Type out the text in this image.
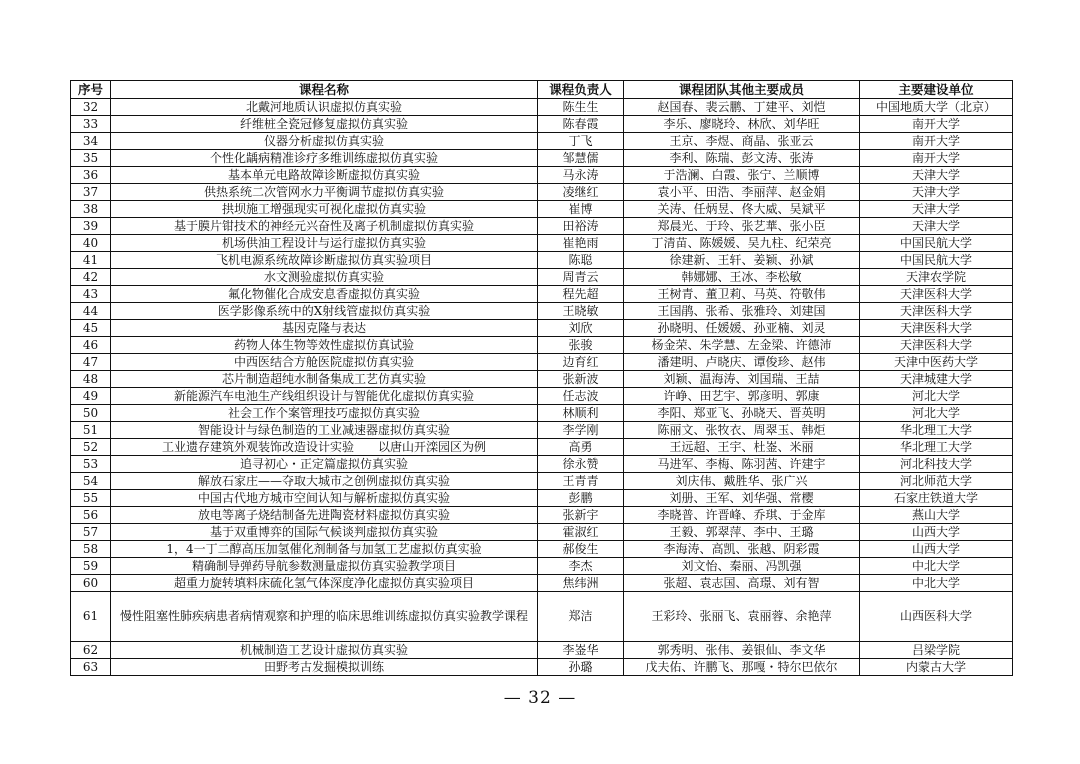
序号	课程名称	课程负责人	课程团队其他主要成员	主要建设单位
32	北戴河地质认识虚拟仿真实验	陈生生	赵国春、裴云鹏、丁建平、刘恺	中国地质大学（北京）
33	纤维桩全瓷冠修复虚拟仿真实验	陈春霞	李乐、廖晓玲、林欣、刘华旺	南开大学
34	仪器分析虚拟仿真实验	丁飞	王京、李煜、商晶、张亚云	南开大学
35	个性化龋病精准诊疗多维训练虚拟仿真实验	邹慧儒	李利、陈瑞、彭文涛、张涛	南开大学
36	基本单元电路故障诊断虚拟仿真实验	马永涛	于浩澜、白霞、张宁、兰顺博	天津大学
37	供热系统二次管网水力平衡调节虚拟仿真实验	凌继红	袁小平、田浩、李丽萍、赵金娟	天津大学
38	拱坝施工增强现实可视化虚拟仿真实验	崔博	关涛、任炳昱、佟大威、吴斌平	天津大学
39	基于膜片钳技术的神经元兴奋性及离子机制虚拟仿真实验	田裕涛	郑晨光、于玲、张艺華、张小臣	天津大学
40	机场供油工程设计与运行虚拟仿真实验	崔艳雨	丁清苗、陈媛媛、吴九柱、纪荣亮	中国民航大学
41	飞机电源系统故障诊断虚拟仿真实验项目	陈聪	徐建新、王轩、姜颖、孙斌	中国民航大学
42	水文测验虚拟仿真实验	周青云	韩娜娜、王冰、李松敏	天津农学院
43	氟化物催化合成安息香虚拟仿真实验	程先超	王树青、董卫莉、马英、符敬伟	天津医科大学
44	医学影像系统中的X射线管虚拟仿真实验	王晓敏	王国鹃、张希、张雅玲、刘建国	天津医科大学
45	基因克隆与表达	刘欣	孙晓明、任媛媛、孙亚楠、刘灵	天津医科大学
46	药物人体生物等效性虚拟仿真试验	张骏	杨金荣、朱学慧、左金梁、许德沛	天津医科大学
47	中西医结合方舱医院虚拟仿真实验	边育红	潘建明、卢晓庆、谭俊珍、赵伟	天津中医药大学
48	芯片制造超纯水制备集成工艺仿真实验	张新波	刘颖、温海涛、刘国瑞、王喆	天津城建大学
49	新能源汽车电池生产线组织设计与智能优化虚拟仿真实验	任志波	许峥、田艺宇、郭彦明、郭康	河北大学
50	社会工作个案管理技巧虚拟仿真实验	林顺利	李阳、郑亚飞、孙晓天、晋英明	河北大学
51	智能设计与绿色制造的工业减速器虚拟仿真实验	李学刚	陈丽文、张牧衣、周翠玉、韩炬	华北理工大学
52	工业遗存建筑外观装饰改造设计实验　　以唐山开滦园区为例	高勇	王远超、王宇、杜崟、米丽	华北理工大学
53	追寻初心・正定篇虚拟仿真实验	徐永赞	马进军、李梅、陈羽茜、许建宇	河北科技大学
54	解放石家庄——夺取大城市之创例虚拟仿真实验	王青青	刘庆伟、戴胜华、张广兴	河北师范大学
55	中国古代地方城市空间认知与解析虚拟仿真实验	彭鹏	刘册、王军、刘华强、常樱	石家庄铁道大学
56	放电等离子烧结制备先进陶瓷材料虚拟仿真实验	张新宇	李晓普、许晋峰、乔琪、于金库	燕山大学
57	基于双重博弈的国际气候谈判虚拟仿真实验	霍淑红	王毅、郭翠萍、李中、王璐	山西大学
58	1，4一丁二醇高压加氢催化剂制备与加氢工艺虚拟仿真实验	郝俊生	李海涛、高凯、张越、阴彩霞	山西大学
59	精确制导弹药导航参数测量虚拟仿真实验教学项目	李杰	刘文怡、秦丽、冯凯强	中北大学
60	超重力旋转填料床硫化氢气体深度净化虚拟仿真实验项目	焦纬洲	张超、袁志国、高璟、刘有智	中北大学
61	慢性阻塞性肺疾病患者病情观察和护理的临床思维训练虚拟仿真实验教学课程	郑洁	王彩玲、张丽飞、袁丽蓉、余艳萍	山西医科大学
62	机械制造工艺设计虚拟仿真实验	李崟华	郭秀明、张伟、姜银仙、李文华	吕梁学院
63	田野考古发掘模拟训练	孙璐	戊夫佑、许鹏飞、那嘎・特尔巴依尔	内蒙古大学
— 32 —
